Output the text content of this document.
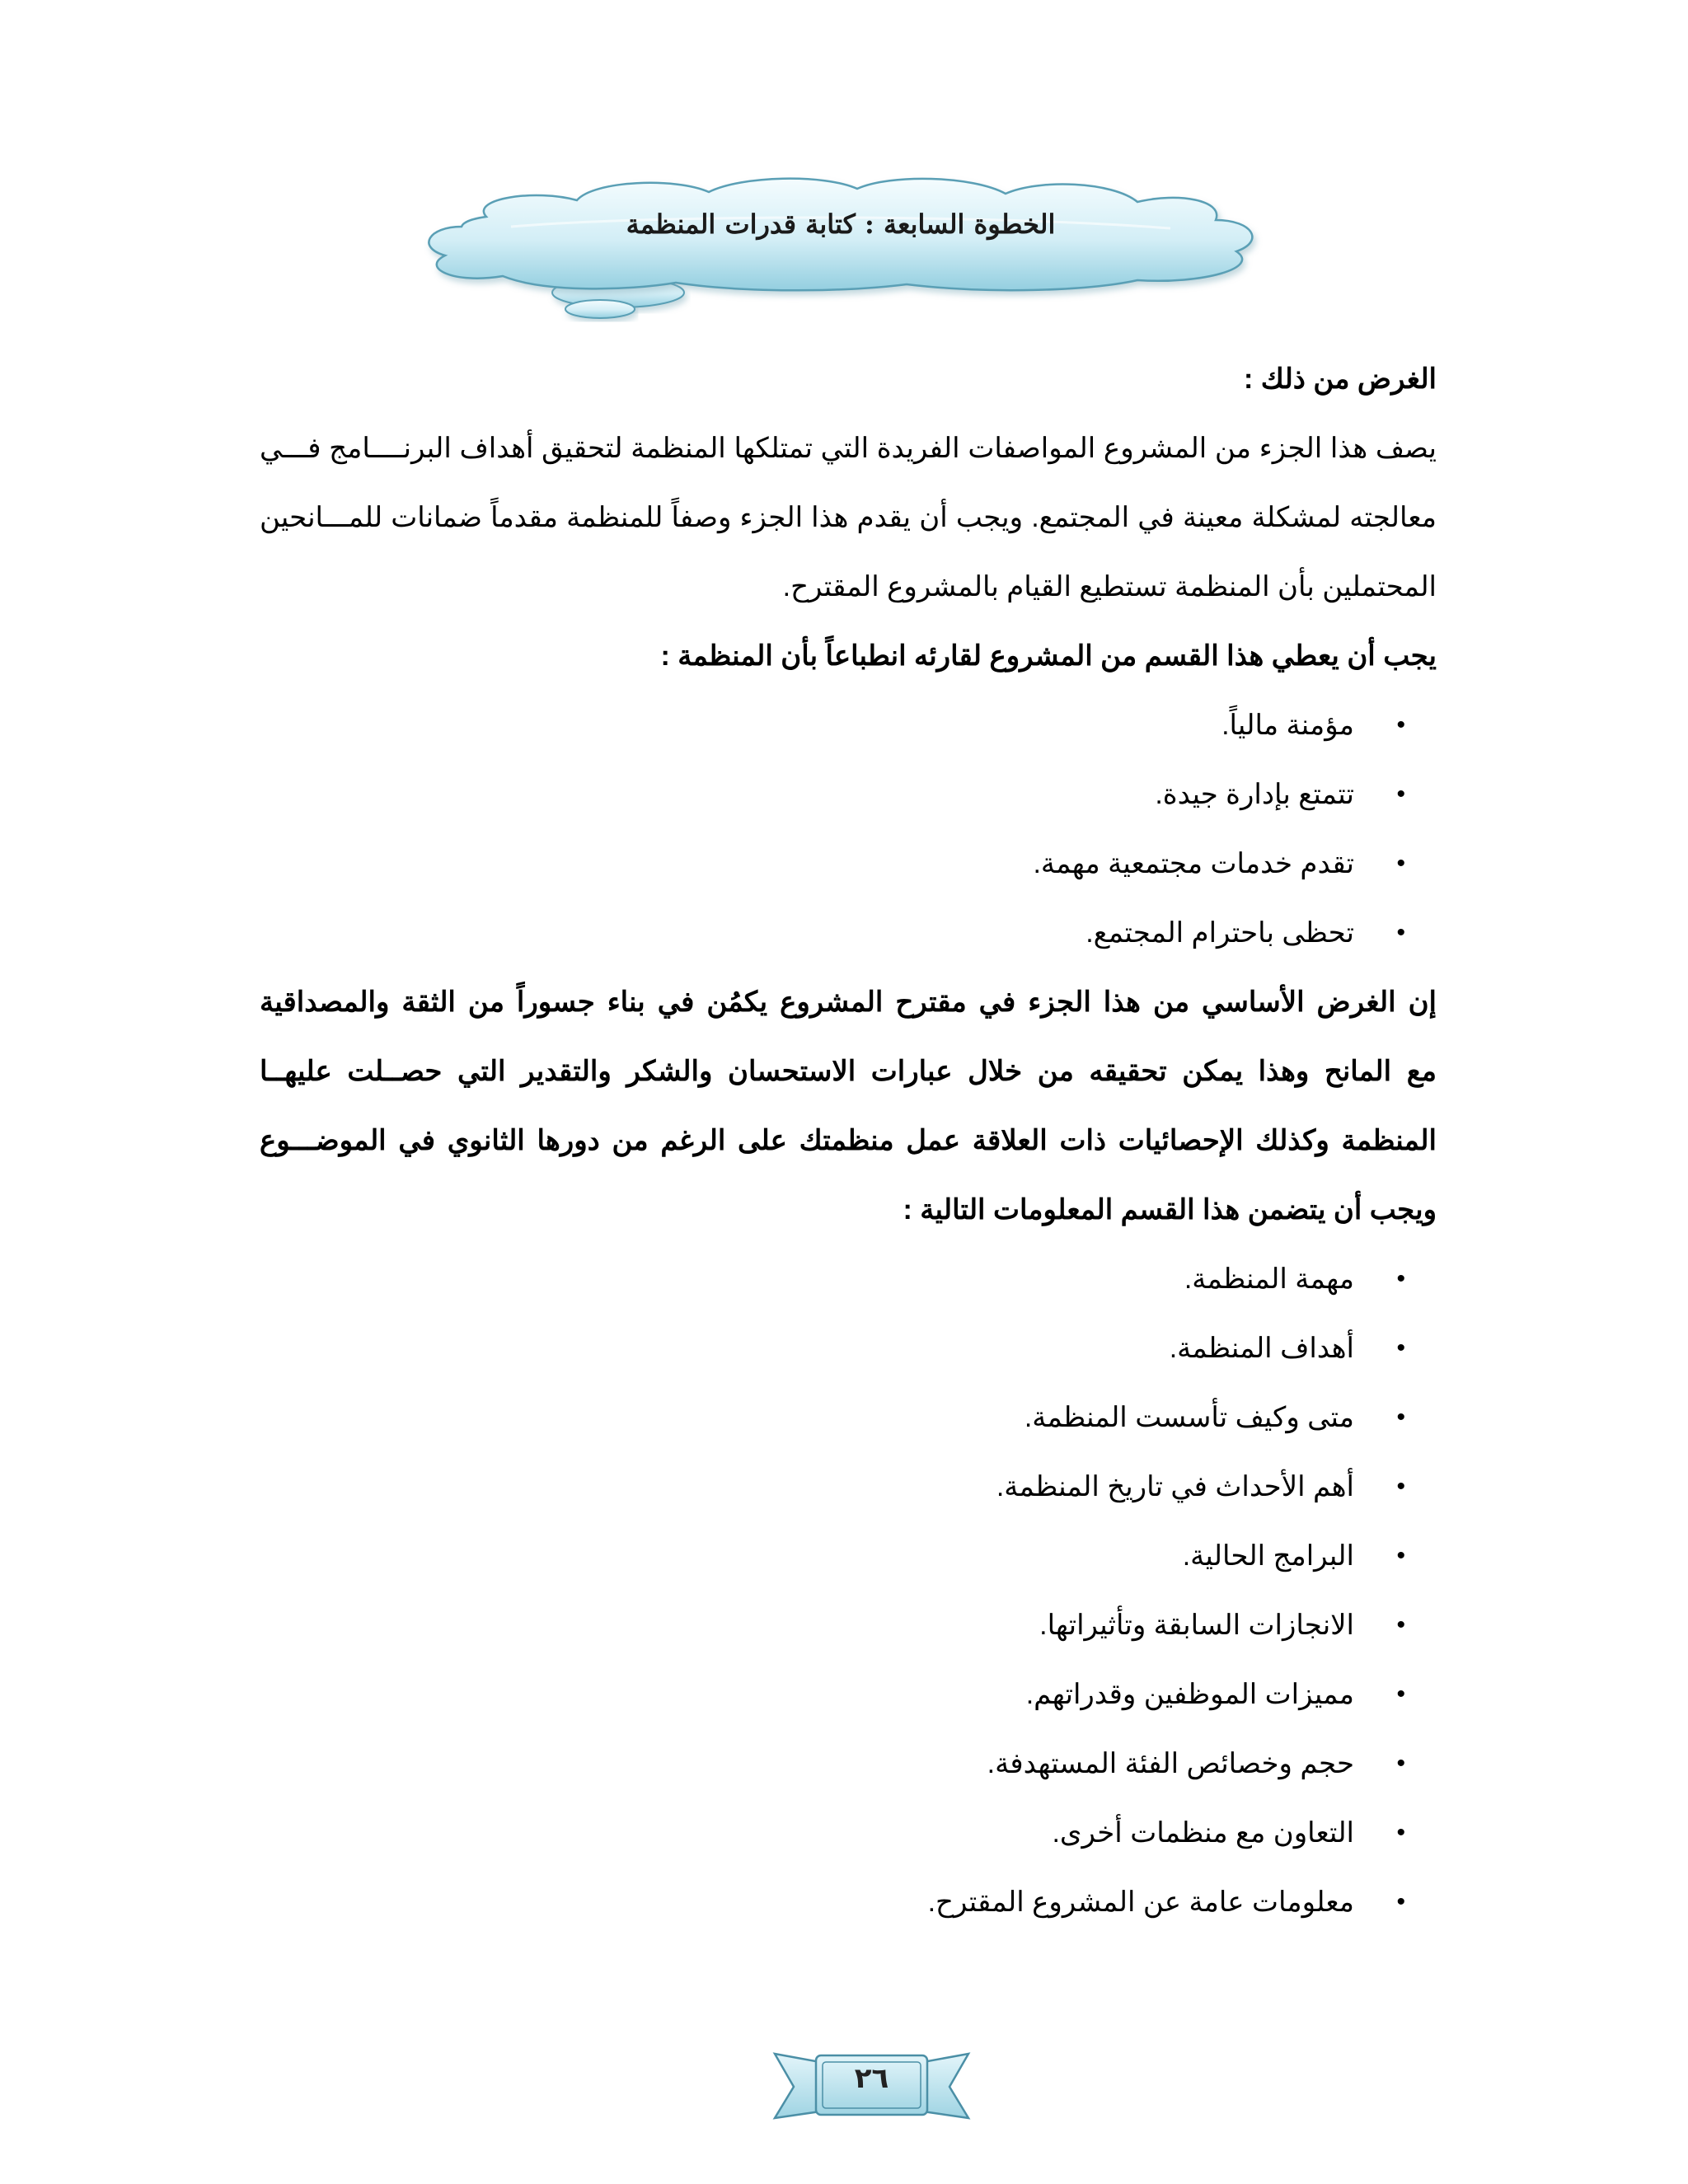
الخطوة السابعة : كتابة قدرات المنظمة
الغرض من ذلك :
يصف هذا الجزء من المشروع المواصفات الفريدة التي تمتلكها المنظمة لتحقيق أهداف البرنــــامج فـــي
معالجته لمشكلة معينة في المجتمع. ويجب أن يقدم هذا الجزء وصفاً للمنظمة مقدماً ضمانات للمـــانحين
المحتملين بأن المنظمة تستطيع القيام بالمشروع المقترح.
يجب أن يعطي هذا القسم من المشروع لقارئه انطباعاً بأن المنظمة :
•
مؤمنة مالياً.
•
تتمتع بإدارة جيدة.
•
تقدم خدمات مجتمعية مهمة.
•
تحظى باحترام المجتمع.
إن الغرض الأساسي من هذا الجزء في مقترح المشروع يكمُن في بناء جسوراً من الثقة والمصداقية
مع المانح وهذا يمكن تحقيقه من خلال عبارات الاستحسان والشكر والتقدير التي حصــلت عليهــا
المنظمة وكذلك الإحصائيات ذات العلاقة عمل منظمتك على الرغم من دورها الثانوي في الموضـــوع
ويجب أن يتضمن هذا القسم المعلومات التالية :
•
مهمة المنظمة.
•
أهداف المنظمة.
•
متى وكيف تأسست المنظمة.
•
أهم الأحداث في تاريخ المنظمة.
•
البرامج الحالية.
•
الانجازات السابقة وتأثيراتها.
•
مميزات الموظفين وقدراتهم.
•
حجم وخصائص الفئة المستهدفة.
•
التعاون مع منظمات أخرى.
•
معلومات عامة عن المشروع المقترح.
٢٦
